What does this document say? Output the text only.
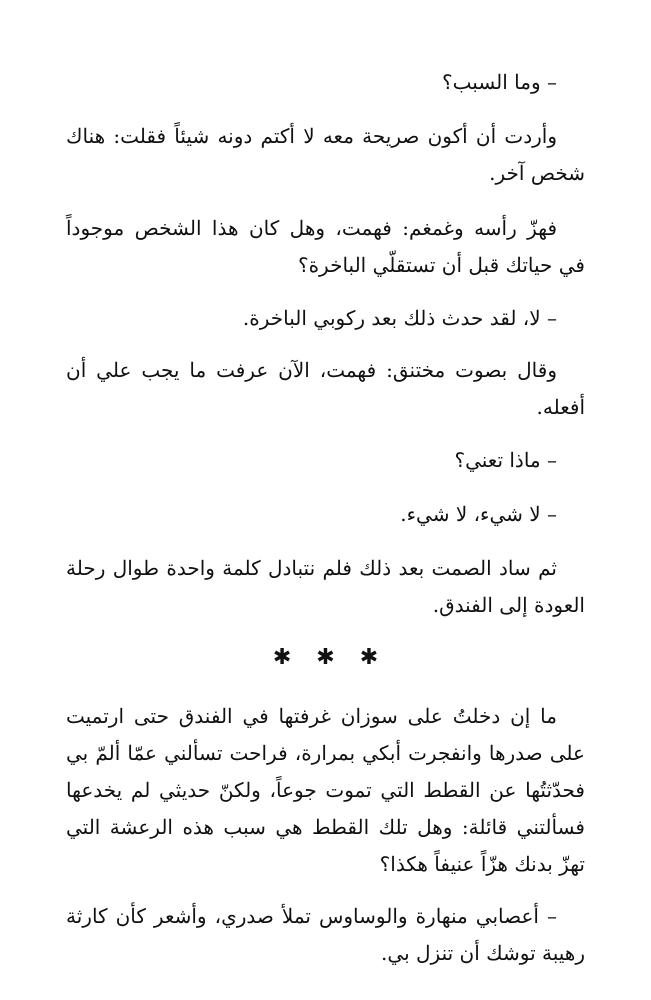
– وما السبب؟

وأردت أن أكون صريحة معه لا أكتم دونه شيئاً فقلت: هناك شخص آخر.

فهزّ رأسه وغمغم: فهمت، وهل كان هذا الشخص موجوداً في حياتك قبل أن تستقلّي الباخرة؟

– لا، لقد حدث ذلك بعد ركوبي الباخرة.

وقال بصوت مختنق: فهمت، الآن عرفت ما يجب علي أن أفعله.

– ماذا تعني؟

– لا شيء، لا شيء.

ثم ساد الصمت بعد ذلك فلم نتبادل كلمة واحدة طوال رحلة العودة إلى الفندق.

✱ ✱ ✱

ما إن دخلتُ على سوزان غرفتها في الفندق حتى ارتميت على صدرها وانفجرت أبكي بمرارة، فراحت تسألني عمّا ألمّ بي فحدّثتُها عن القطط التي تموت جوعاً، ولكنّ حديثي لم يخدعها فسألتني قائلة: وهل تلك القطط هي سبب هذه الرعشة التي تهزّ بدنك هزّاً عنيفاً هكذا؟

– أعصابي منهارة والوساوس تملأ صدري، وأشعر كأن كارثة رهيبة توشك أن تنزل بي.
